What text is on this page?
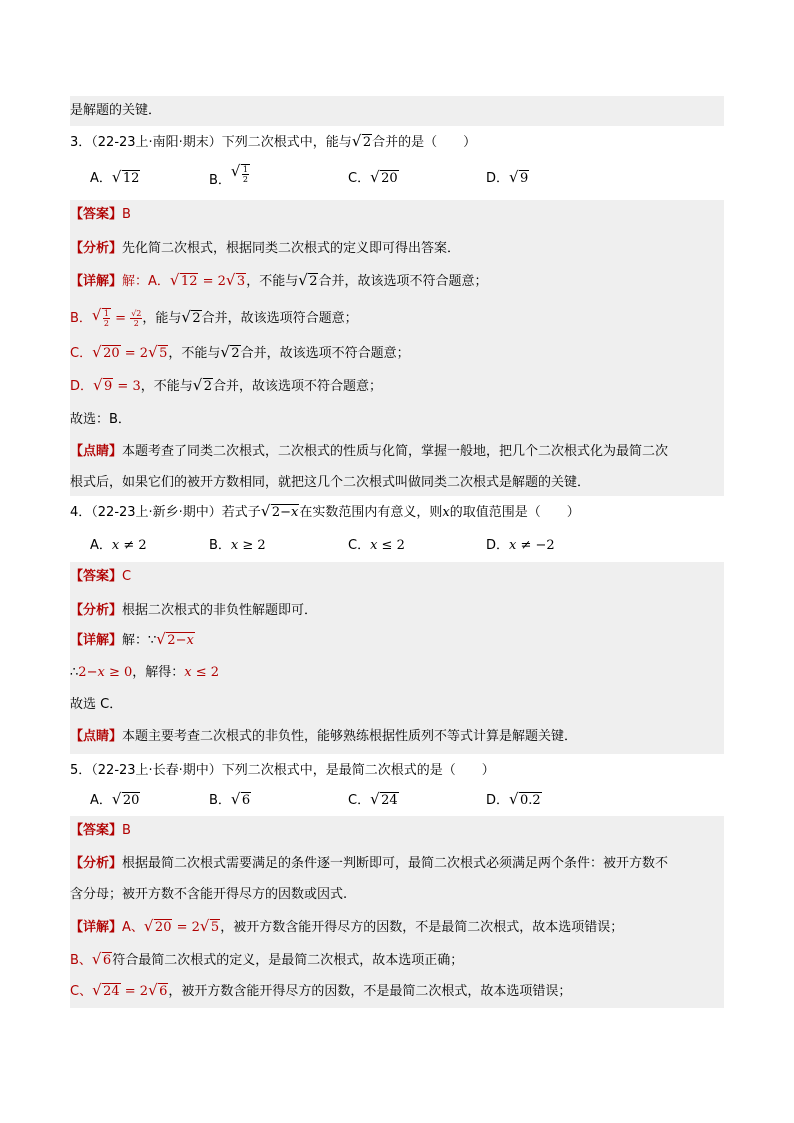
是解题的关键．
3．（22-23上·南阳·期末）下列二次根式中，能与 √ 2合并的是（　　）
A． √ 12	B． √ $\frac{1}{2}$	C． √ 20	D． √ 9
【答案】B
【分析】先化简二次根式，根据同类二次根式的定义即可得出答案．
【详解】解：A． √ 12 = 2 √ 3，不能与 √ 2合并，故该选项不符合题意；
B． √ $\frac{1}{2} = \frac{√2}{2}$ ，能与 √ 2合并，故该选项符合题意；
C． √ 20 = 2 √ 5，不能与 √ 2合并，故该选项不符合题意；
D． √ 9 = 3，不能与 √ 2合并，故该选项不符合题意；
故选：B．
【点睛】本题考查了同类二次根式，二次根式的性质与化简，掌握一般地，把几个二次根式化为最简二次
根式后，如果它们的被开方数相同，就把这几个二次根式叫做同类二次根式是解题的关键．
4．（22-23上·新乡·期中）若式子 √ 2−x在实数范围内有意义，则x的取值范围是（　　）
A．x ≠ 2	B．x ≥ 2	C．x ≤ 2	D．x ≠ −2
【答案】C
【分析】根据二次根式的非负性解题即可．
【详解】解：∵ √ 2−x
∴2−x ≥ 0，解得：x ≤ 2
故选 C．
【点睛】本题主要考查二次根式的非负性，能够熟练根据性质列不等式计算是解题关键．
5．（22-23上·长春·期中）下列二次根式中，是最简二次根式的是（　　）
A． √ 20	B． √ 6	C． √ 24	D． √ 0.2
【答案】B
【分析】根据最简二次根式需要满足的条件逐一判断即可，最简二次根式必须满足两个条件：被开方数不
含分母；被开方数不含能开得尽方的因数或因式.
【详解】A、 √ 20 = 2 √ 5，被开方数含能开得尽方的因数，不是最简二次根式，故本选项错误；
B、 √ 6符合最简二次根式的定义，是最简二次根式，故本选项正确；
C、 √ 24 = 2 √ 6，被开方数含能开得尽方的因数，不是最简二次根式，故本选项错误；
